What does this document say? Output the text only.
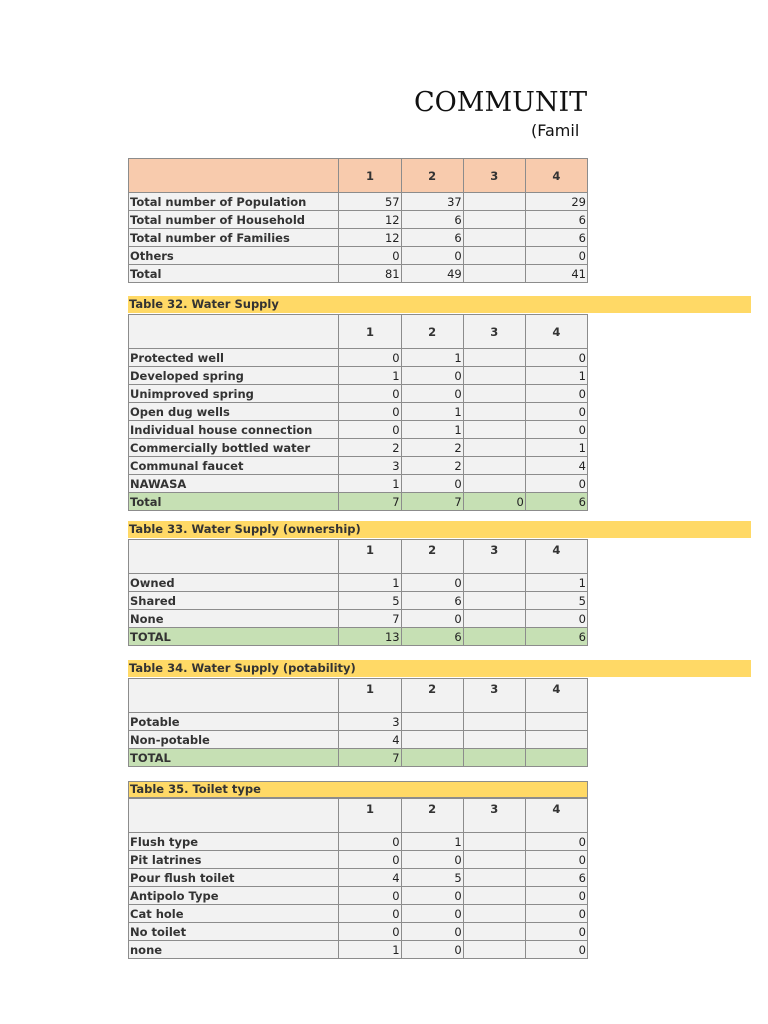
COMMUNIT
(Famil
	1	2	3	4
Total number of Population	57	37		29
Total number of Household	12	6		6
Total number of Families	12	6		6
Others	0	0		0
Total	81	49		41
Table 32. Water Supply
	1	2	3	4
Protected well	0	1		0
Developed spring	1	0		1
Unimproved spring	0	0		0
Open dug wells	0	1		0
Individual house connection	0	1		0
Commercially bottled water	2	2		1
Communal faucet	3	2		4
NAWASA	1	0		0
Total	7	7	0	6
Table 33. Water Supply (ownership)
	1	2	3	4
Owned	1	0		1
Shared	5	6		5
None	7	0		0
TOTAL	13	6		6
Table 34. Water Supply (potability)
	1	2	3	4
Potable	3			
Non-potable	4			
TOTAL	7			
Table 35. Toilet type
	1	2	3	4
Flush type	0	1		0
Pit latrines	0	0		0
Pour flush toilet	4	5		6
Antipolo Type	0	0		0
Cat hole	0	0		0
No toilet	0	0		0
none	1	0		0
